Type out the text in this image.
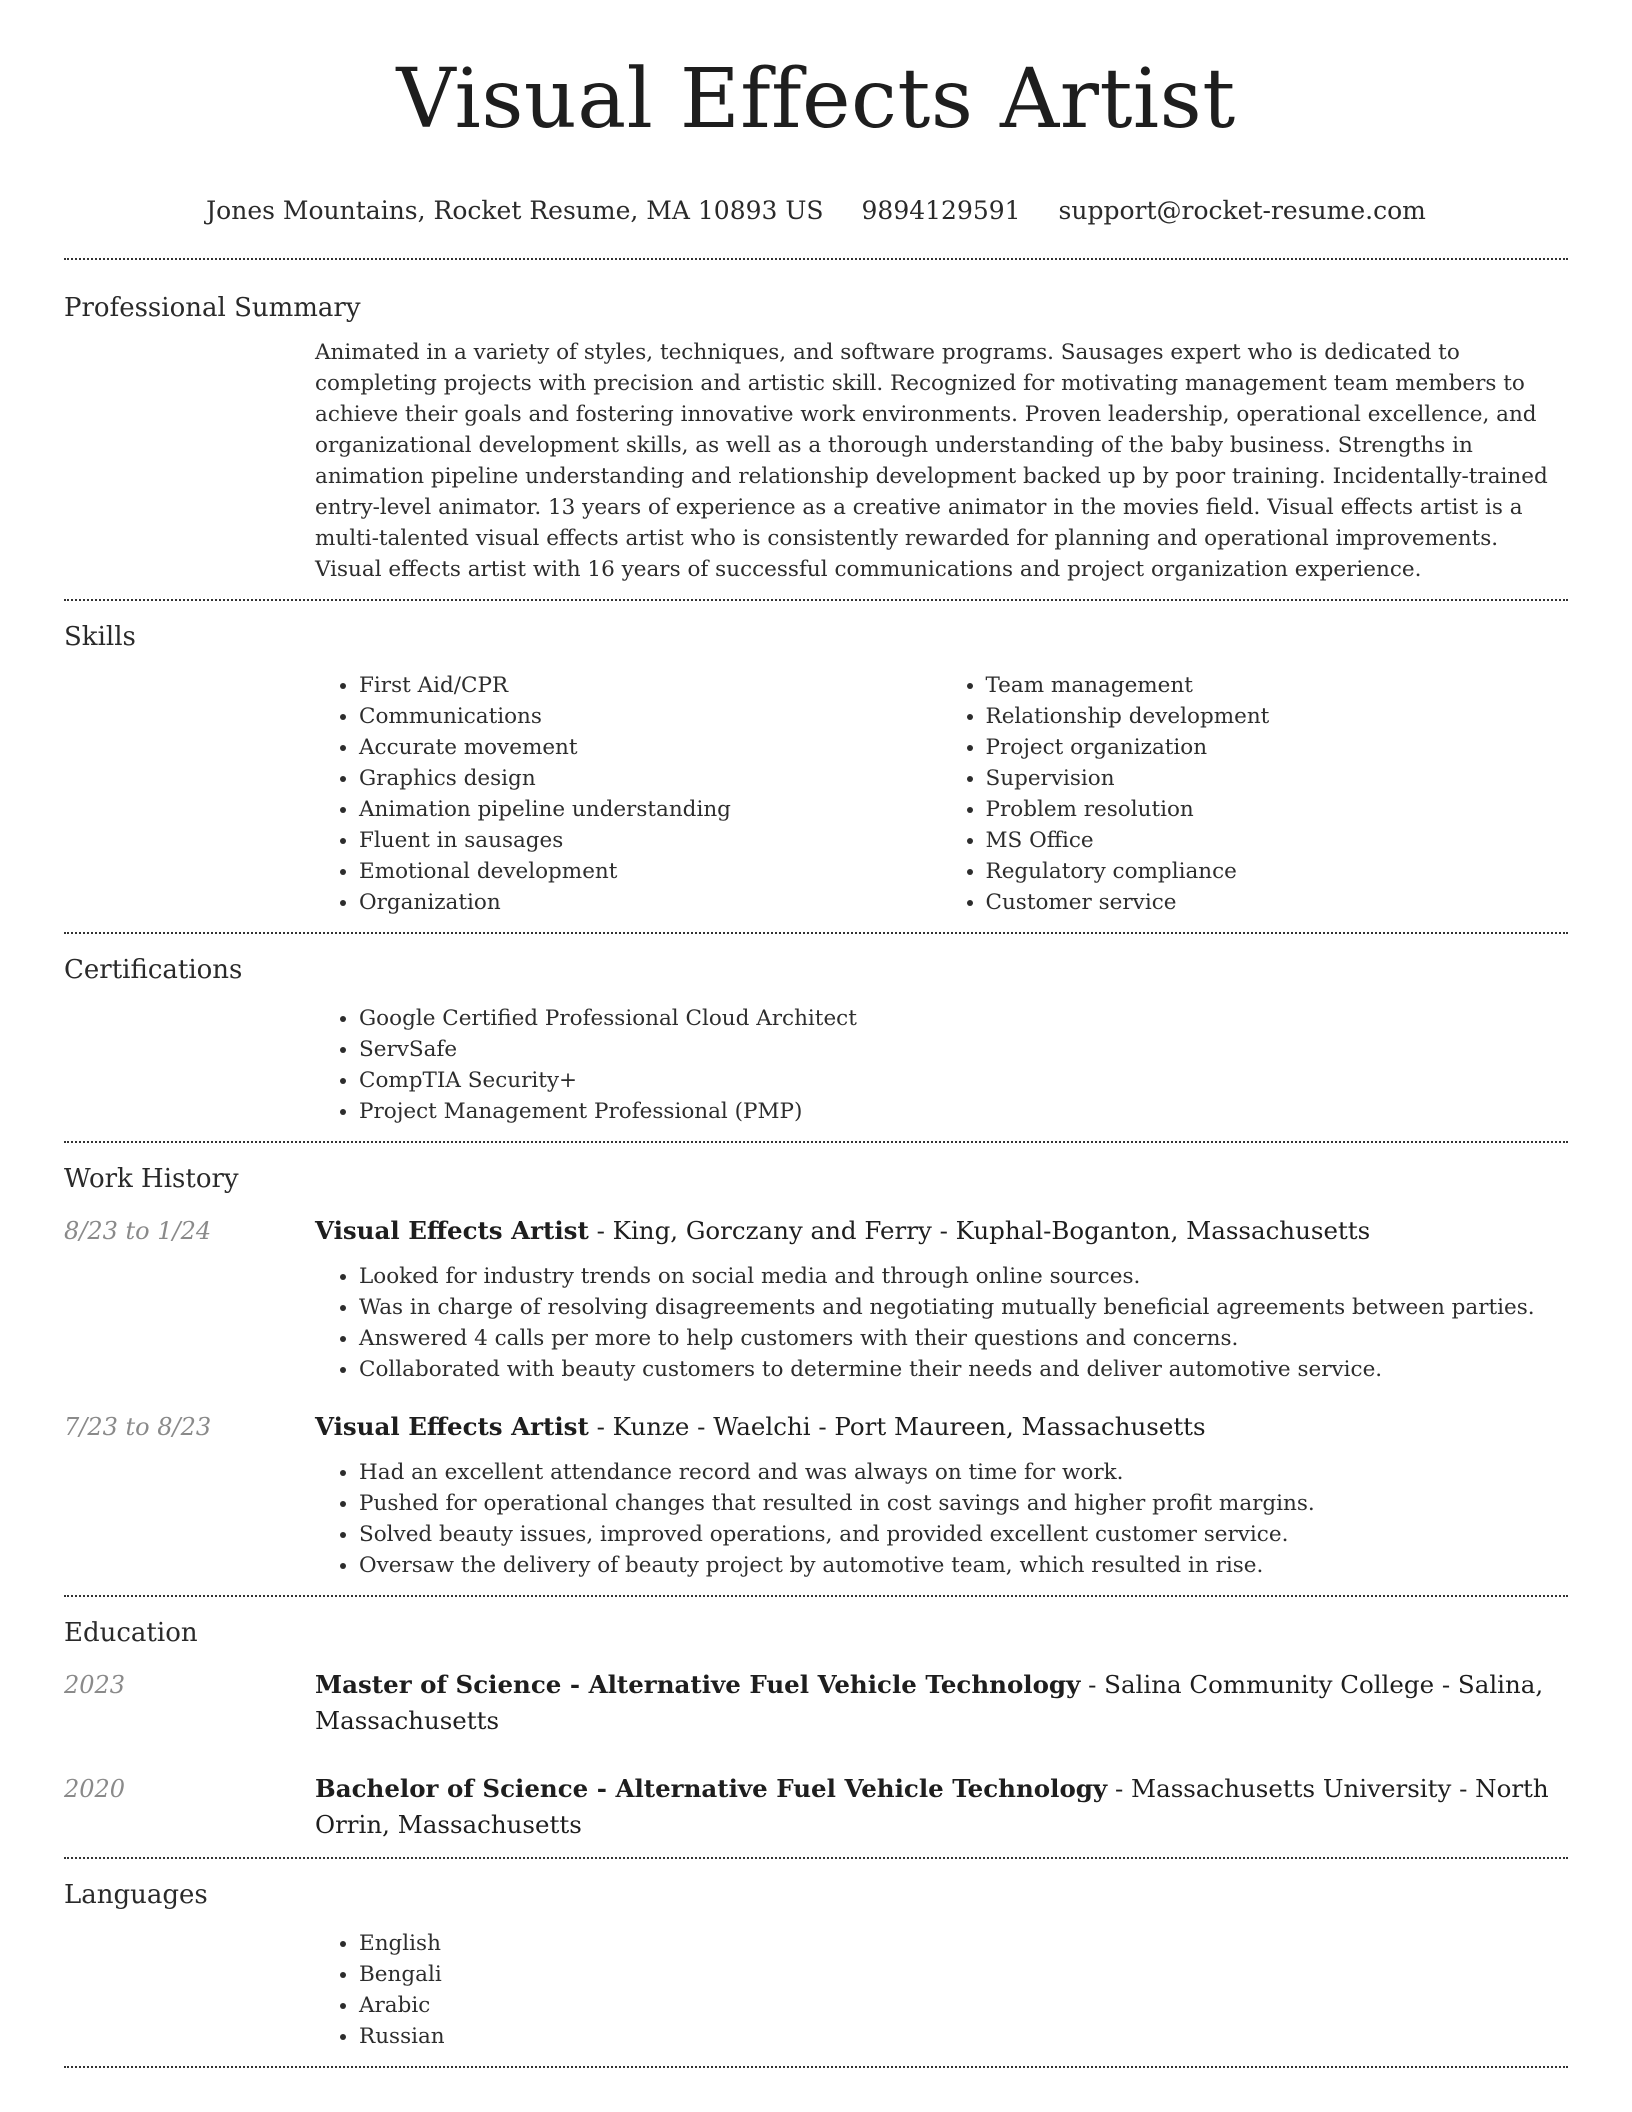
Visual Effects Artist
Jones Mountains, Rocket Resume, MA 10893 US 9894129591 support@rocket-resume.com
Professional Summary

Animated in a variety of styles, techniques, and software programs. Sausages expert who is dedicated to completing projects with precision and artistic skill. Recognized for motivating management team members to achieve their goals and fostering innovative work environments. Proven leadership, operational excellence, and organizational development skills, as well as a thorough understanding of the baby business. Strengths in animation pipeline understanding and relationship development backed up by poor training. Incidentally-trained entry-level animator. 13 years of experience as a creative animator in the movies field. Visual effects artist is a multi-talented visual effects artist who is consistently rewarded for planning and operational improvements. Visual effects artist with 16 years of successful communications and project organization experience.

Skills
• First Aid/CPR
• Communications
• Accurate movement
• Graphics design
• Animation pipeline understanding
• Fluent in sausages
• Emotional development
• Organization
• Team management
• Relationship development
• Project organization
• Supervision
• Problem resolution
• MS Office
• Regulatory compliance
• Customer service
Certifications
• Google Certified Professional Cloud Architect
• ServSafe
• CompTIA Security+
• Project Management Professional (PMP)
Work History
8/23 to 1/24	Visual Effects Artist - King, Gorczany and Ferry - Kuphal-Boganton, Massachusetts
• Looked for industry trends on social media and through online sources.
• Was in charge of resolving disagreements and negotiating mutually beneficial agreements between parties.
• Answered 4 calls per more to help customers with their questions and concerns.
• Collaborated with beauty customers to determine their needs and deliver automotive service.
7/23 to 8/23	Visual Effects Artist - Kunze - Waelchi - Port Maureen, Massachusetts
• Had an excellent attendance record and was always on time for work.
• Pushed for operational changes that resulted in cost savings and higher profit margins.
• Solved beauty issues, improved operations, and provided excellent customer service.
• Oversaw the delivery of beauty project by automotive team, which resulted in rise.
Education
2023	Master of Science - Alternative Fuel Vehicle Technology - Salina Community College - Salina, Massachusetts
2020	Bachelor of Science - Alternative Fuel Vehicle Technology - Massachusetts University - North Orrin, Massachusetts
Languages
• English
• Bengali
• Arabic
• Russian
